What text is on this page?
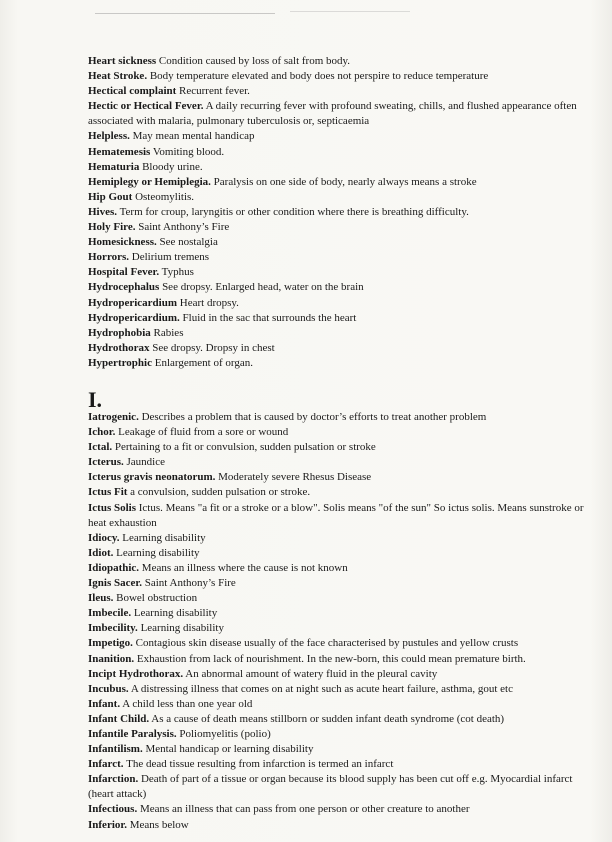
Heart sickness Condition caused by loss of salt from body.

Heat Stroke. Body temperature elevated and body does not perspire to reduce temperature

Hectical complaint Recurrent fever.

Hectic or Hectical Fever. A daily recurring fever with profound sweating, chills, and flushed appearance often associated with malaria, pulmonary tuberculosis or, septicaemia

Helpless. May mean mental handicap

Hematemesis Vomiting blood.

Hematuria Bloody urine.

Hemiplegy or Hemiplegia. Paralysis on one side of body, nearly always means a stroke

Hip Gout Osteomylitis.

Hives. Term for croup, laryngitis or other condition where there is breathing difficulty.

Holy Fire. Saint Anthony’s Fire

Homesickness. See nostalgia

Horrors. Delirium tremens

Hospital Fever. Typhus

Hydrocephalus See dropsy. Enlarged head, water on the brain

Hydropericardium Heart dropsy.

Hydropericardium. Fluid in the sac that surrounds the heart

Hydrophobia Rabies

Hydrothorax See dropsy. Dropsy in chest

Hypertrophic Enlargement of organ.

I.

Iatrogenic. Describes a problem that is caused by doctor’s efforts to treat another problem

Ichor. Leakage of fluid from a sore or wound

Ictal. Pertaining to a fit or convulsion, sudden pulsation or stroke

Icterus. Jaundice

Icterus gravis neonatorum. Moderately severe Rhesus Disease

Ictus Fit a convulsion, sudden pulsation or stroke.

Ictus Solis Ictus. Means "a fit or a stroke or a blow". Solis means "of the sun" So ictus solis. Means sunstroke or heat exhaustion

Idiocy. Learning disability

Idiot. Learning disability

Idiopathic. Means an illness where the cause is not known

Ignis Sacer. Saint Anthony’s Fire

Ileus. Bowel obstruction

Imbecile. Learning disability

Imbecility. Learning disability

Impetigo. Contagious skin disease usually of the face characterised by pustules and yellow crusts

Inanition. Exhaustion from lack of nourishment. In the new-born, this could mean premature birth.

Incipt Hydrothorax. An abnormal amount of watery fluid in the pleural cavity

Incubus. A distressing illness that comes on at night such as acute heart failure, asthma, gout etc

Infant. A child less than one year old

Infant Child. As a cause of death means stillborn or sudden infant death syndrome (cot death)

Infantile Paralysis. Poliomyelitis (polio)

Infantilism. Mental handicap or learning disability

Infarct. The dead tissue resulting from infarction is termed an infarct

Infarction. Death of part of a tissue or organ because its blood supply has been cut off e.g. Myocardial infarct (heart attack)

Infectious. Means an illness that can pass from one person or other creature to another

Inferior. Means below
